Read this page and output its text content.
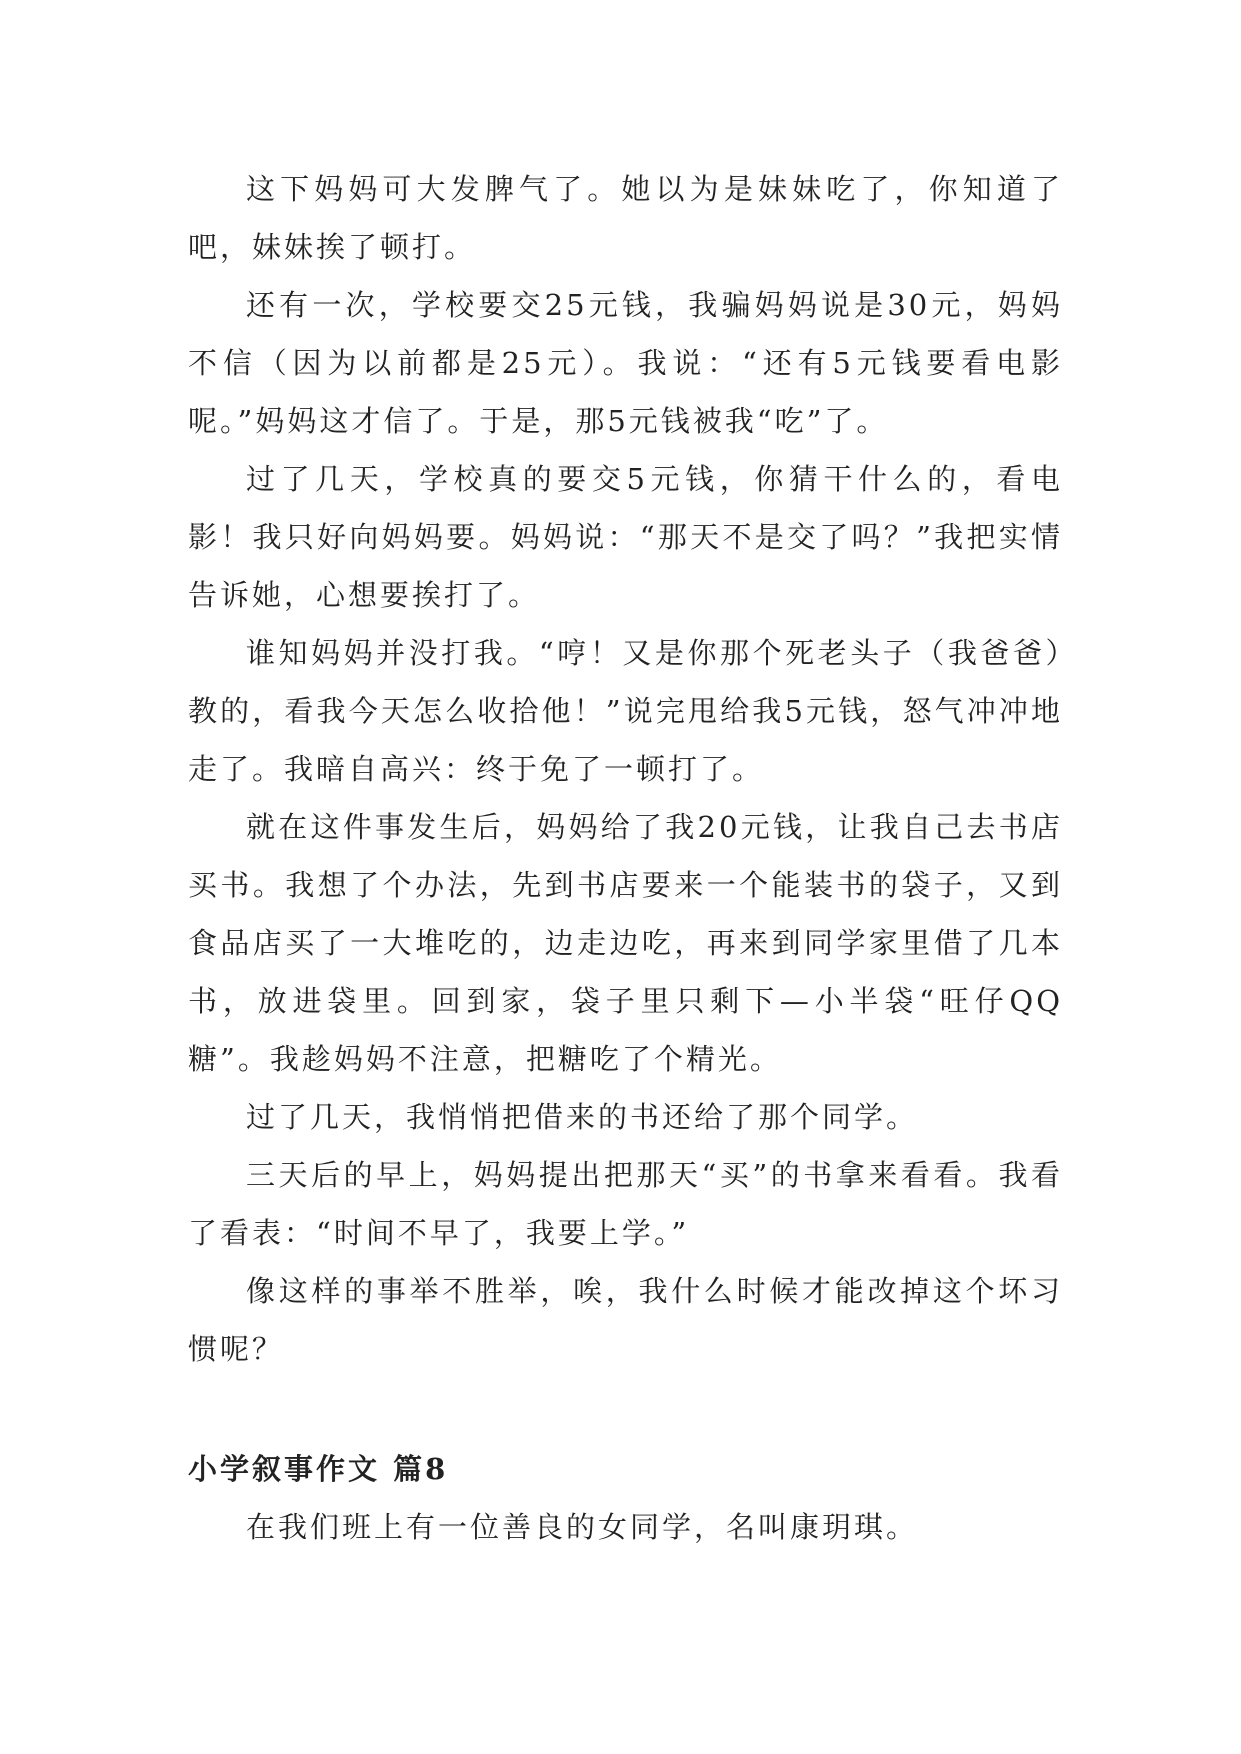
这下妈妈可大发脾气了。她以为是妹妹吃了，你知道了吧，妹妹挨了顿打。

还有一次，学校要交25元钱，我骗妈妈说是30元，妈妈不信（因为以前都是25元）。我说：“还有5元钱要看电影呢。”妈妈这才信了。于是，那5元钱被我“吃”了。

过了几天，学校真的要交5元钱，你猜干什么的，看电影！我只好向妈妈要。妈妈说：“那天不是交了吗？”我把实情告诉她，心想要挨打了。

谁知妈妈并没打我。“哼！又是你那个死老头子（我爸爸）教的，看我今天怎么收拾他！”说完甩给我5元钱，怒气冲冲地走了。我暗自高兴：终于免了一顿打了。

就在这件事发生后，妈妈给了我20元钱，让我自己去书店买书。我想了个办法，先到书店要来一个能装书的袋子，又到食品店买了一大堆吃的，边走边吃，再来到同学家里借了几本书，放进袋里。回到家，袋子里只剩下—小半袋“旺仔QQ糖”。我趁妈妈不注意，把糖吃了个精光。

过了几天，我悄悄把借来的书还给了那个同学。

三天后的早上，妈妈提出把那天“买”的书拿来看看。我看了看表：“时间不早了，我要上学。”

像这样的事举不胜举，唉，我什么时候才能改掉这个坏习惯呢？

小学叙事作文 篇8

在我们班上有一位善良的女同学，名叫康玥琪。
